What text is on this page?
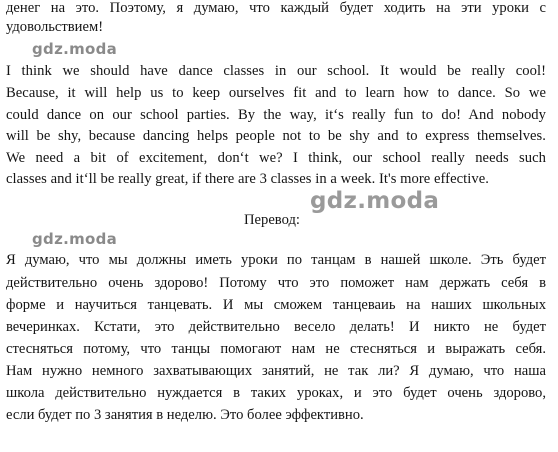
денег на это. Поэтому, я думаю, что каждый будет ходить на эти уроки с
удовольствием!
gdz.moda
I think we should have dance classes in our school. It would be really cool!
Because, it will help us to keep ourselves fit and to learn how to dance. So we
could dance on our school parties. By the way, it‘s really fun to do! And nobody
will be shy, because dancing helps people not to be shy and to express themselves.
We need a bit of excitement, don‘t we? I think, our school really needs such
classes and it‘ll be really great, if there are 3 classes in a week. It's more effective.
gdz.moda
Перевод:
gdz.moda
Я думаю, что мы должны иметь уроки по танцам в нашей школе. Эть будет
действительно очень здорово! Потому что это поможет нам держать себя в
форме и научиться танцевать. И мы сможем танцеваиь на наших школьных
вечеринках. Кстати, это действительно весело делать! И никто не будет
стесняться потому, что танцы помогают нам не стесняться и выражать себя.
Нам нужно немного захватывающих занятий, не так ли? Я думаю, что наша
школа действительно нуждается в таких уроках, и это будет очень здорово,
если будет по 3 занятия в неделю. Это более эффективно.
